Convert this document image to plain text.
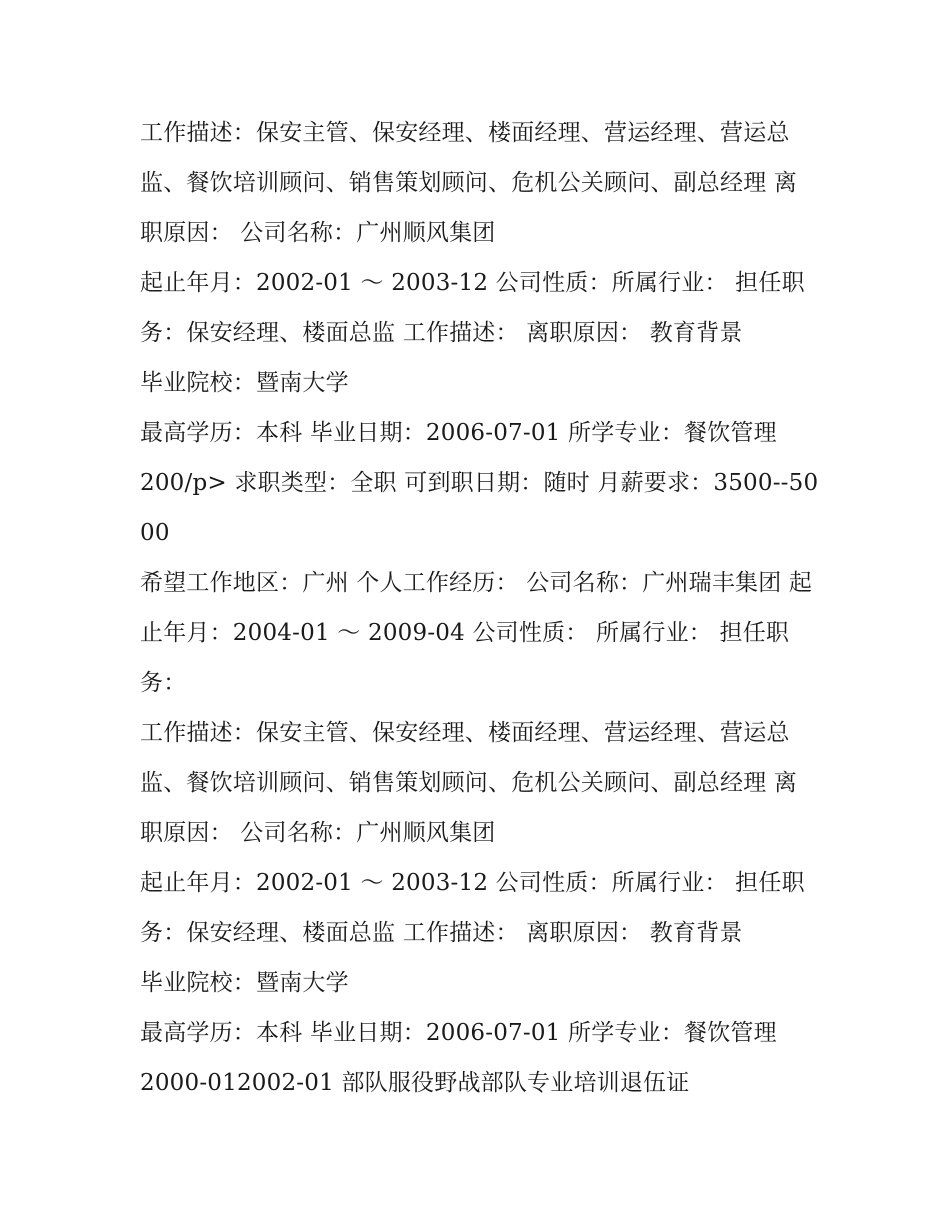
工作描述：保安主管、保安经理、楼面经理、营运经理、营运总监、餐饮培训顾问、销售策划顾问、危机公关顾问、副总经理 离职原因： 公司名称：广州顺风集团

起止年月：2002-01 ～ 2003-12 公司性质：所属行业： 担任职务：保安经理、楼面总监 工作描述： 离职原因： 教育背景

毕业院校：暨南大学

最高学历：本科 毕业日期：2006-07-01 所学专业：餐饮管理

200/p> 求职类型：全职 可到职日期：随时 月薪要求：3500--5000

希望工作地区：广州 个人工作经历： 公司名称：广州瑞丰集团 起止年月：2004-01 ～ 2009-04 公司性质： 所属行业： 担任职务：

工作描述：保安主管、保安经理、楼面经理、营运经理、营运总监、餐饮培训顾问、销售策划顾问、危机公关顾问、副总经理 离职原因： 公司名称：广州顺风集团

起止年月：2002-01 ～ 2003-12 公司性质：所属行业： 担任职务：保安经理、楼面总监 工作描述： 离职原因： 教育背景

毕业院校：暨南大学

最高学历：本科 毕业日期：2006-07-01 所学专业：餐饮管理

2000-012002-01 部队服役野战部队专业培训退伍证
